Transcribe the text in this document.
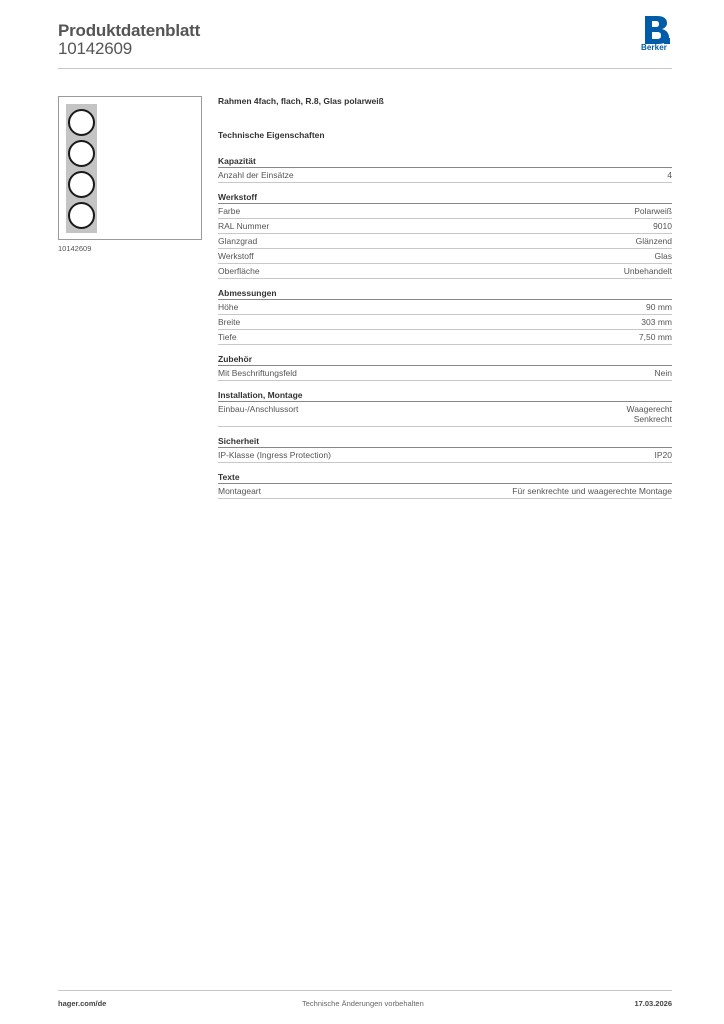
Produktdatenblatt
10142609	Berker
10142609
Rahmen 4fach, flach, R.8, Glas polarweiß
Technische Eigenschaften
Kapazität
Anzahl der Einsätze	4
Werkstoff
Farbe	Polarweiß
RAL Nummer	9010
Glanzgrad	Glänzend
Werkstoff	Glas
Oberfläche	Unbehandelt
Abmessungen
Höhe	90 mm
Breite	303 mm
Tiefe	7,50 mm
Zubehör
Mit Beschriftungsfeld	Nein
Installation, Montage
Einbau-/Anschlussort	Waagerecht
Senkrecht
Sicherheit
IP-Klasse (Ingress Protection)	IP20
Texte
Montageart	Für senkrechte und waagerechte Montage
hager.com/de	Technische Änderungen vorbehalten	17.03.2026
